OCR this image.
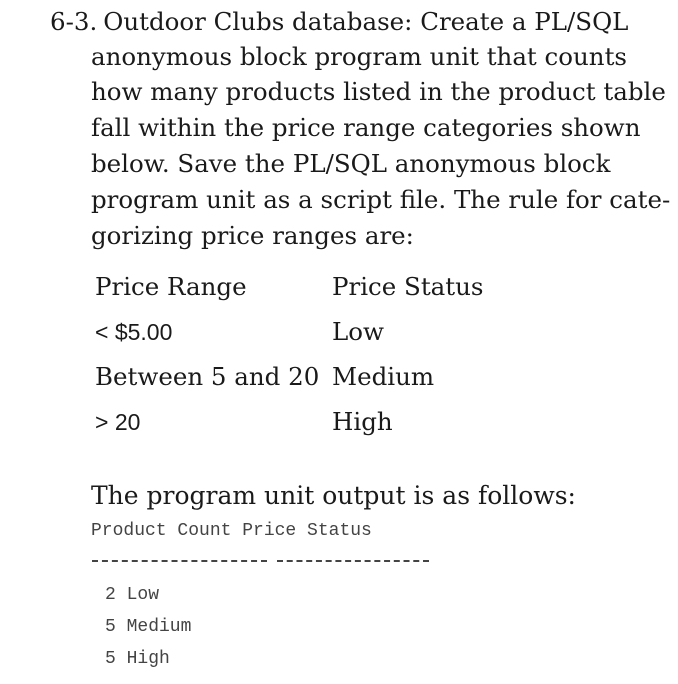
6-3. Outdoor Clubs database: Create a PL/SQL
anonymous block program unit that counts
how many products listed in the product table
fall within the price range categories shown
below. Save the PL/SQL anonymous block
program unit as a script file. The rule for cate-
gorizing price ranges are:
Price Range	Price Status
< $5.00	Low
Between 5 and 20 Medium
> 20	High
The program unit output is as follows:
Product Count Price Status
2 Low
5 Medium
5 High
